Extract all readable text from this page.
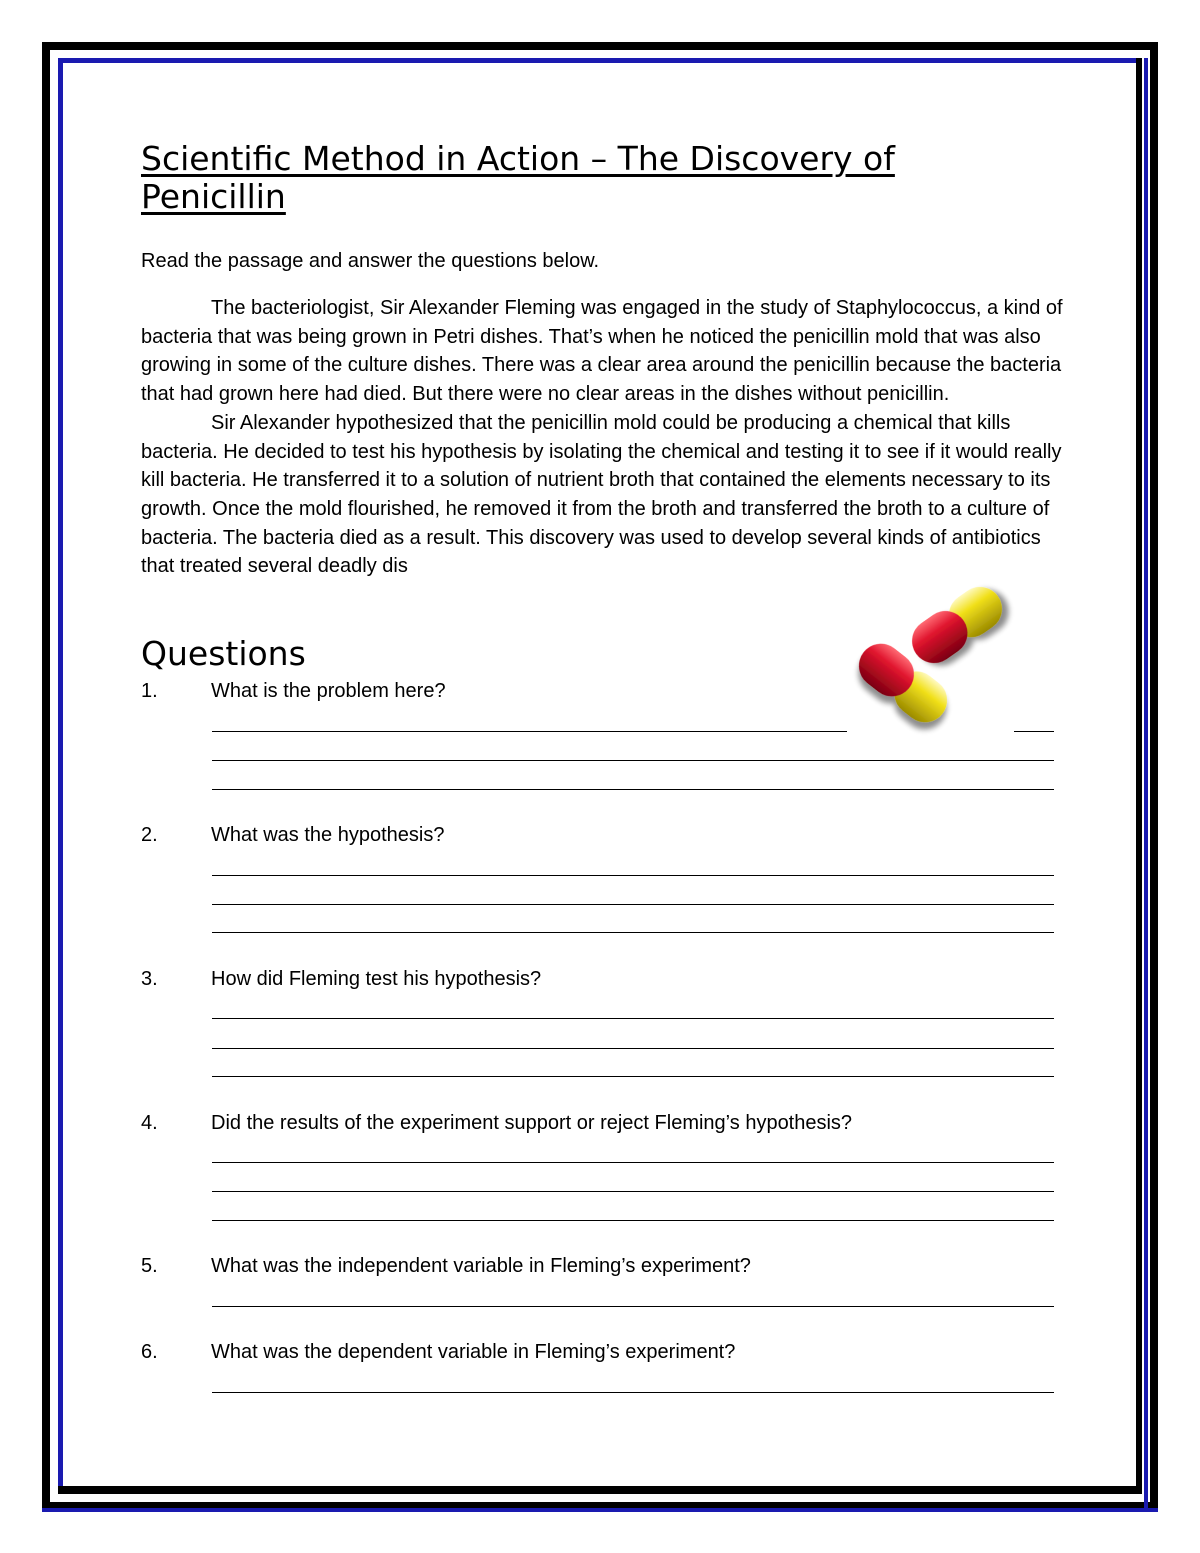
Scientific Method in Action – The Discovery of Penicillin

Read the passage and answer the questions below.

The bacteriologist, Sir Alexander Fleming was engaged in the study of Staphylococcus, a kind of bacteria that was being grown in Petri dishes. That’s when he noticed the penicillin mold that was also growing in some of the culture dishes. There was a clear area around the penicillin because the bacteria that had grown here had died. But there were no clear areas in the dishes without penicillin.

Sir Alexander hypothesized that the penicillin mold could be producing a chemical that kills bacteria. He decided to test his hypothesis by isolating the chemical and testing it to see if it would really kill bacteria. He transferred it to a solution of nutrient broth that contained the elements necessary to its growth. Once the mold flourished, he removed it from the broth and transferred the broth to a culture of bacteria. The bacteria died as a result. This discovery was used to develop several kinds of antibiotics that treated several deadly dis

Questions
1.	What is the problem here?
2.	What was the hypothesis?
3.	How did Fleming test his hypothesis?
4.	Did the results of the experiment support or reject Fleming’s hypothesis?
5.	What was the independent variable in Fleming’s experiment?
6.	What was the dependent variable in Fleming’s experiment?
